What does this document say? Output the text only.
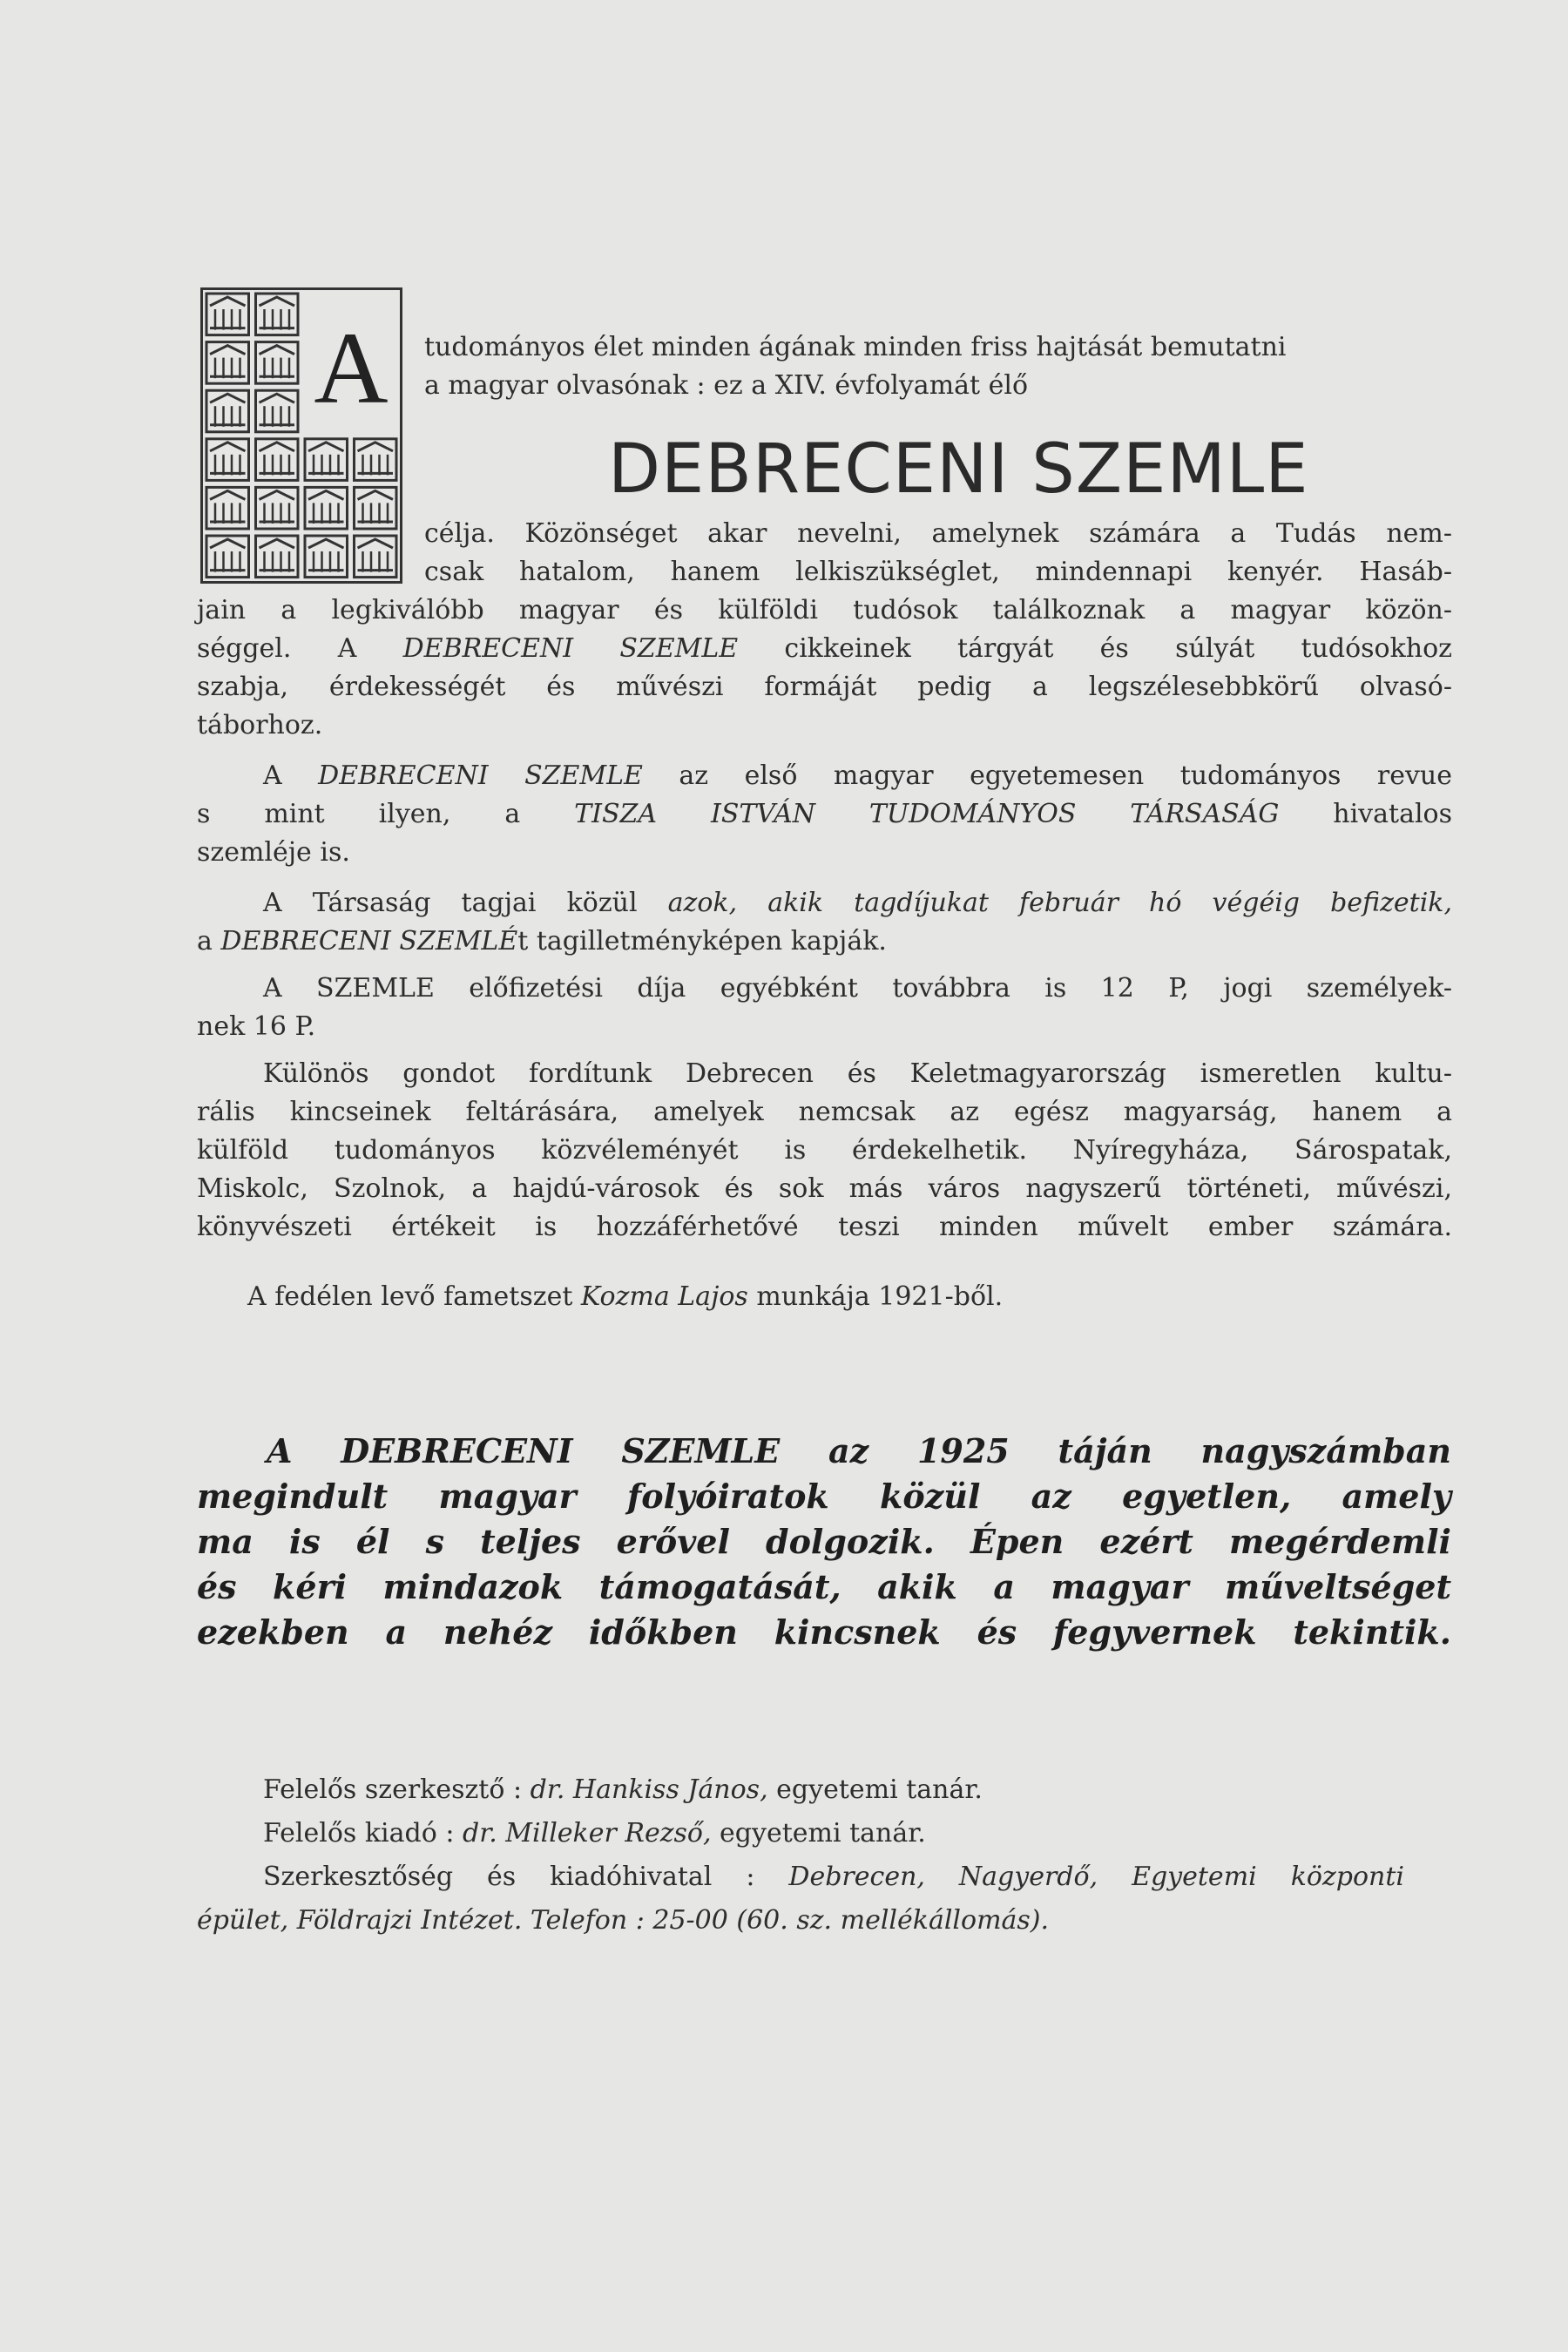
A	tudományos élet minden ágának minden friss hajtását bemutatni
a magyar olvasónak : ez a XIV. évfolyamát élő
DEBRECENI SZEMLE
célja. Közönséget akar nevelni, amelynek számára a Tudás nem-
csak hatalom, hanem lelkiszükséglet, mindennapi kenyér. Hasáb-
jain a legkiválóbb magyar és külföldi tudósok találkoznak a magyar közön-
séggel. A DEBRECENI SZEMLE cikkeinek tárgyát és súlyát tudósokhoz
szabja, érdekességét és művészi formáját pedig a legszélesebbkörű olvasó-
táborhoz.
A DEBRECENI SZEMLE az első magyar egyetemesen tudományos revue
s mint ilyen, a TISZA ISTVÁN TUDOMÁNYOS TÁRSASÁG hivatalos
szemléje is.
A Társaság tagjai közül azok, akik tagdíjukat február hó végéig befizetik,
a DEBRECENI SZEMLÉt tagilletményképen kapják.
A SZEMLE előfizetési díja egyébként továbbra is 12 P, jogi személyek-
nek 16 P.
Különös gondot fordítunk Debrecen és Keletmagyarország ismeretlen kultu-
rális kincseinek feltárására, amelyek nemcsak az egész magyarság, hanem a
külföld tudományos közvéleményét is érdekelhetik. Nyíregyháza, Sárospatak,
Miskolc, Szolnok, a hajdú-városok és sok más város nagyszerű történeti, művészi,
könyvészeti értékeit is hozzáférhetővé teszi minden művelt ember számára.
A fedélen levő fametszet Kozma Lajos munkája 1921-ből.
A DEBRECENI SZEMLE az 1925 táján nagyszámban
megindult magyar folyóiratok közül az egyetlen, amely
ma is él s teljes erővel dolgozik. Épen ezért megérdemli
és kéri mindazok támogatását, akik a magyar műveltséget
ezekben a nehéz időkben kincsnek és fegyvernek tekintik.
Felelős szerkesztő : dr. Hankiss János, egyetemi tanár.
Felelős kiadó : dr. Milleker Rezső, egyetemi tanár.
Szerkesztőség és kiadóhivatal : Debrecen, Nagyerdő, Egyetemi központi
épület, Földrajzi Intézet. Telefon : 25-00 (60. sz. mellékállomás).
